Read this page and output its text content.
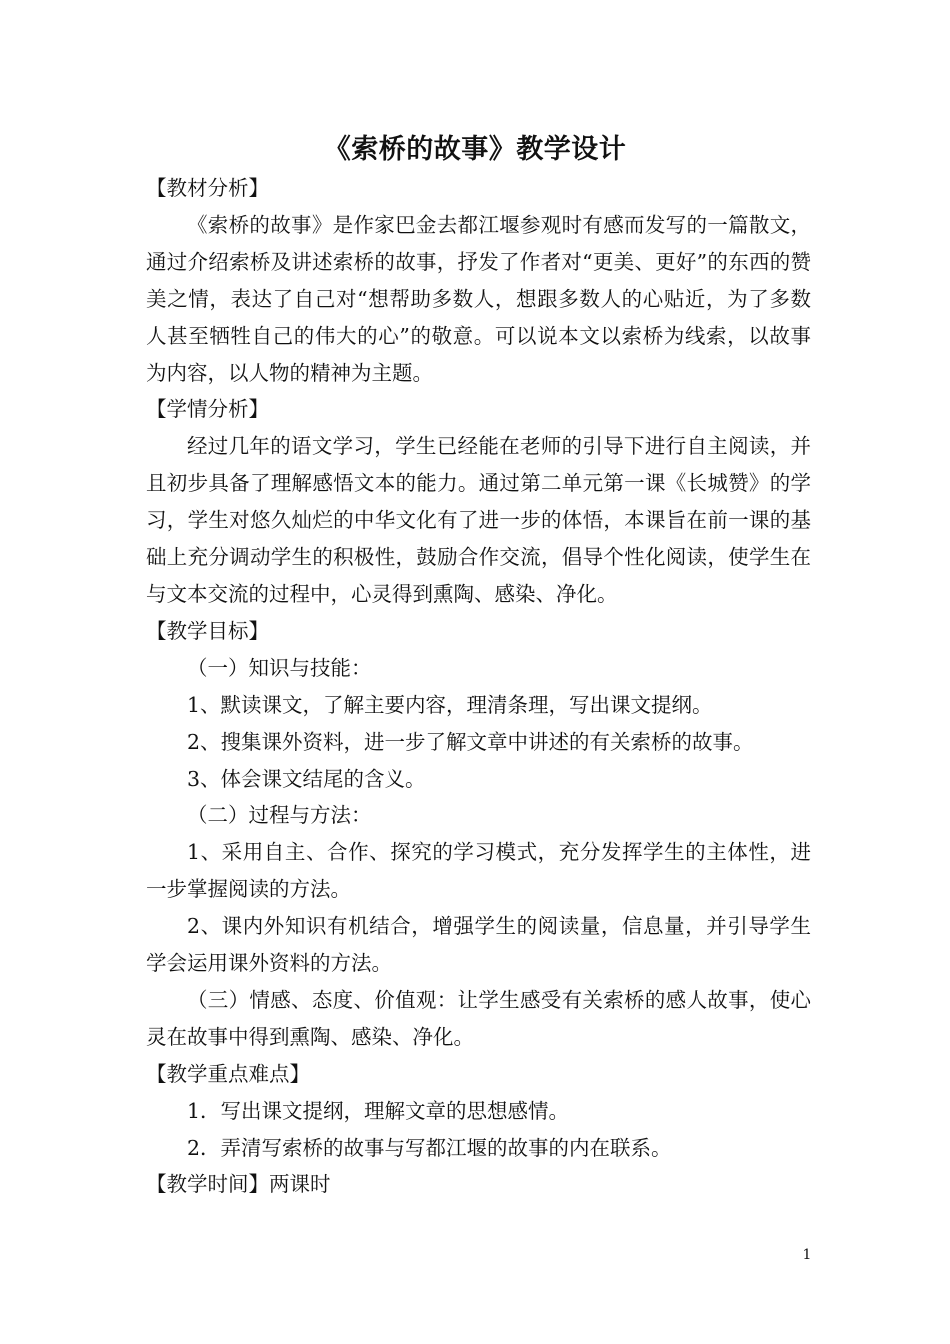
《索桥的故事》教学设计

【教材分析】

《索桥的故事》是作家巴金去都江堰参观时有感而发写的一篇散文，通过介绍索桥及讲述索桥的故事，抒发了作者对“更美、更好”的东西的赞美之情，表达了自己对“想帮助多数人，想跟多数人的心贴近，为了多数人甚至牺牲自己的伟大的心”的敬意。可以说本文以索桥为线索，以故事为内容，以人物的精神为主题。

【学情分析】

经过几年的语文学习，学生已经能在老师的引导下进行自主阅读，并且初步具备了理解感悟文本的能力。通过第二单元第一课《长城赞》的学习，学生对悠久灿烂的中华文化有了进一步的体悟，本课旨在前一课的基础上充分调动学生的积极性，鼓励合作交流，倡导个性化阅读，使学生在与文本交流的过程中，心灵得到熏陶、感染、净化。

【教学目标】

（一）知识与技能：

1、默读课文，了解主要内容，理清条理，写出课文提纲。

2、搜集课外资料，进一步了解文章中讲述的有关索桥的故事。

3、体会课文结尾的含义。

（二）过程与方法：

1、采用自主、合作、探究的学习模式，充分发挥学生的主体性，进一步掌握阅读的方法。

2、课内外知识有机结合，增强学生的阅读量，信息量，并引导学生学会运用课外资料的方法。

（三）情感、态度、价值观：让学生感受有关索桥的感人故事，使心灵在故事中得到熏陶、感染、净化。

【教学重点难点】

1．写出课文提纲，理解文章的思想感情。

2．弄清写索桥的故事与写都江堰的故事的内在联系。

【教学时间】两课时

1
